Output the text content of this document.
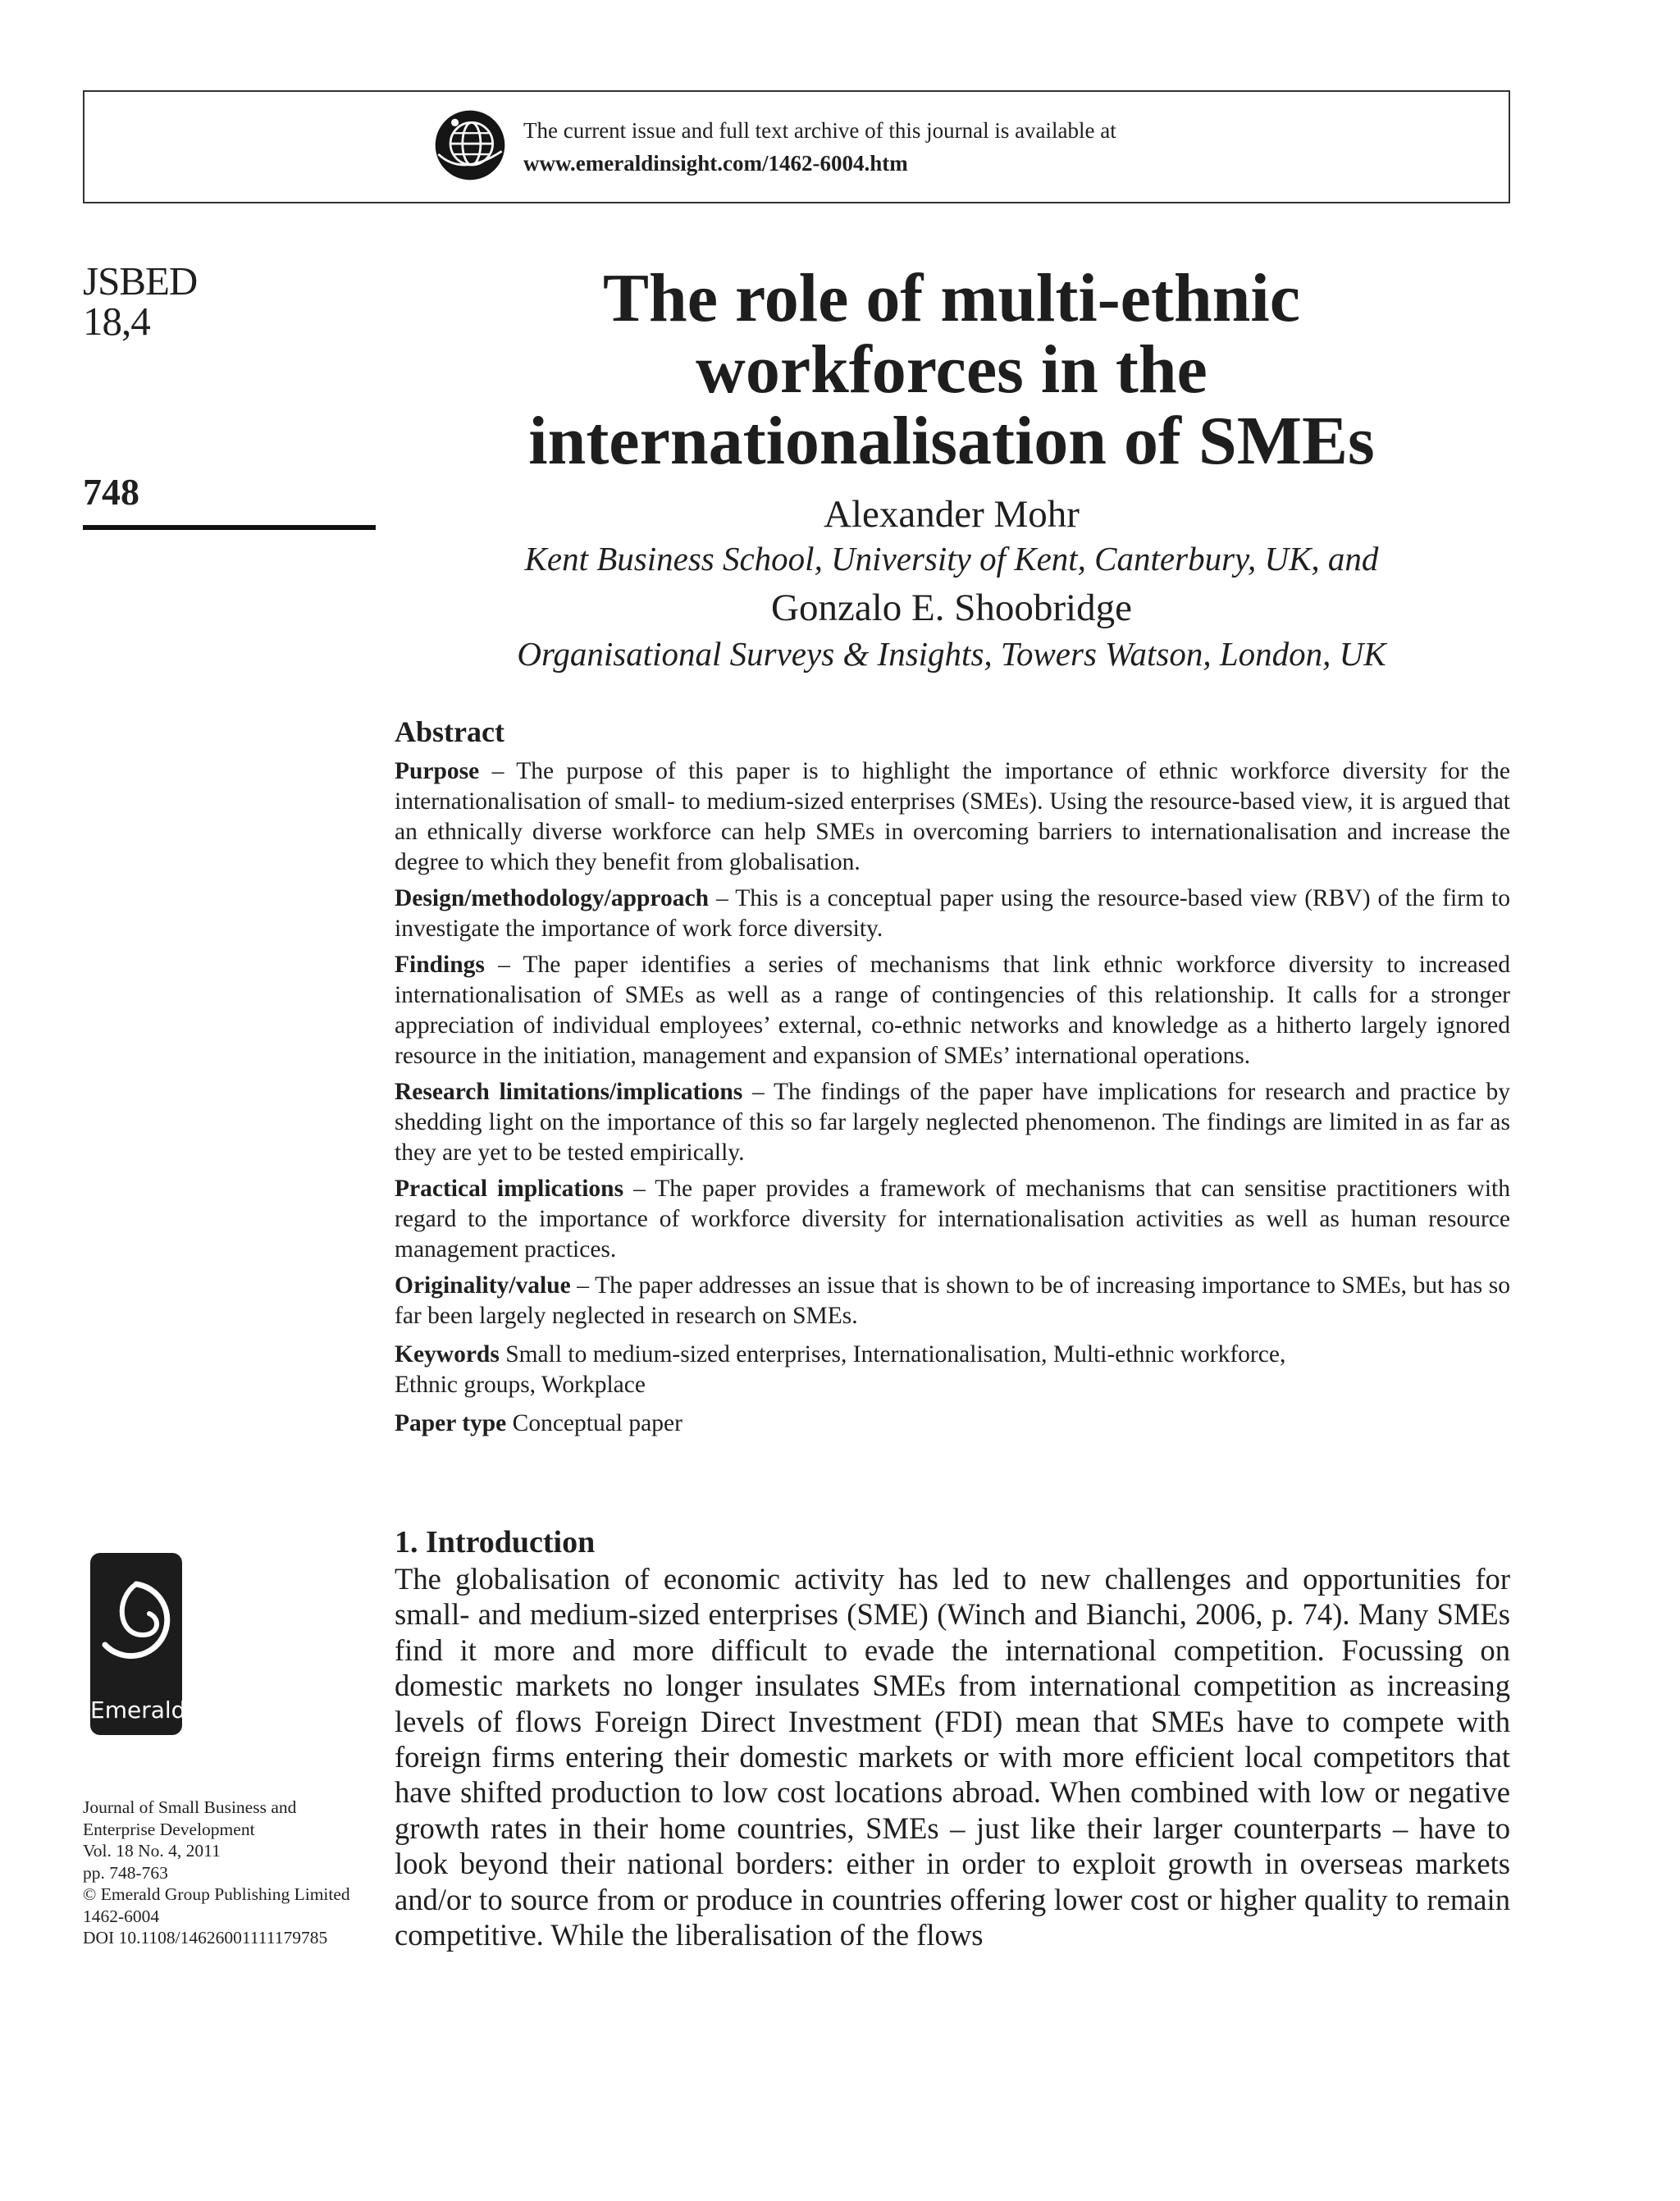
The current issue and full text archive of this journal is available at
www.emeraldinsight.com/1462-6004.htm
JSBED
18,4
748
The role of multi-ethnic
workforces in the
internationalisation of SMEs
Alexander Mohr
Kent Business School, University of Kent, Canterbury, UK, and
Gonzalo E. Shoobridge
Organisational Surveys & Insights, Towers Watson, London, UK
Abstract

Purpose – The purpose of this paper is to highlight the importance of ethnic workforce diversity for the internationalisation of small- to medium-sized enterprises (SMEs). Using the resource-based view, it is argued that an ethnically diverse workforce can help SMEs in overcoming barriers to internationalisation and increase the degree to which they benefit from globalisation.

Design/methodology/approach – This is a conceptual paper using the resource-based view (RBV) of the firm to investigate the importance of work force diversity.

Findings – The paper identifies a series of mechanisms that link ethnic workforce diversity to increased internationalisation of SMEs as well as a range of contingencies of this relationship. It calls for a stronger appreciation of individual employees’ external, co-ethnic networks and knowledge as a hitherto largely ignored resource in the initiation, management and expansion of SMEs’ international operations.

Research limitations/implications – The findings of the paper have implications for research and practice by shedding light on the importance of this so far largely neglected phenomenon. The findings are limited in as far as they are yet to be tested empirically.

Practical implications – The paper provides a framework of mechanisms that can sensitise practitioners with regard to the importance of workforce diversity for internationalisation activities as well as human resource management practices.

Originality/value – The paper addresses an issue that is shown to be of increasing importance to SMEs, but has so far been largely neglected in research on SMEs.

Keywords Small to medium-sized enterprises, Internationalisation, Multi-ethnic workforce,
Ethnic groups, Workplace

Paper type Conceptual paper

1. Introduction

The globalisation of economic activity has led to new challenges and opportunities for small- and medium-sized enterprises (SME) (Winch and Bianchi, 2006, p. 74). Many SMEs find it more and more difficult to evade the international competition. Focussing on domestic markets no longer insulates SMEs from international competition as increasing levels of flows Foreign Direct Investment (FDI) mean that SMEs have to compete with foreign firms entering their domestic markets or with more efficient local competitors that have shifted production to low cost locations abroad. When combined with low or negative growth rates in their home countries, SMEs – just like their larger counterparts – have to look beyond their national borders: either in order to exploit growth in overseas markets and/or to source from or produce in countries offering lower cost or higher quality to remain competitive. While the liberalisation of the flows

Emerald
Journal of Small Business and
Enterprise Development
Vol. 18 No. 4, 2011
pp. 748-763
© Emerald Group Publishing Limited
1462-6004
DOI 10.1108/14626001111179785
